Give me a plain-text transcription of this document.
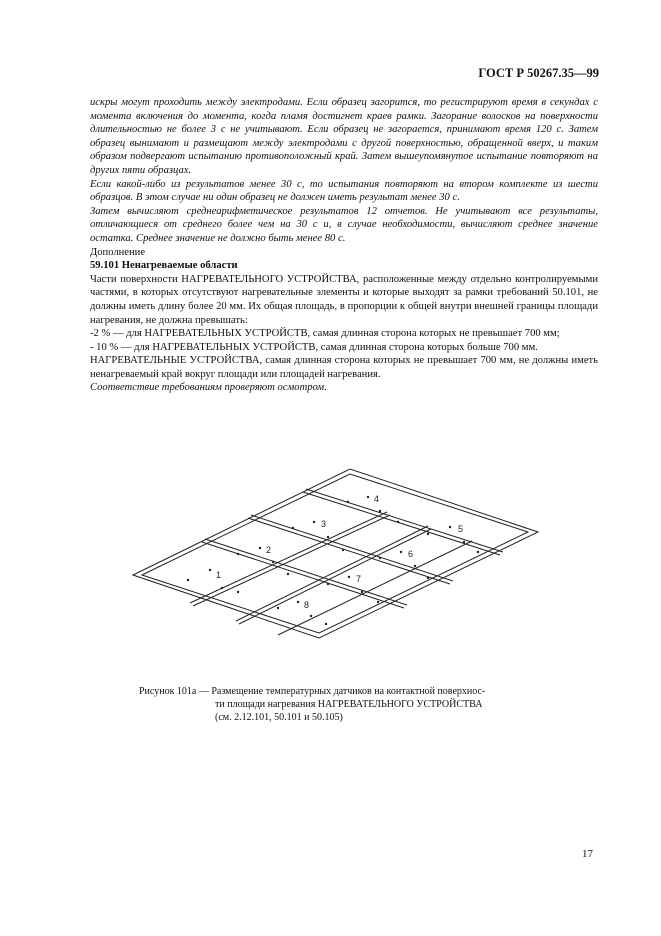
ГОСТ Р 50267.35—99

искры могут проходить между электродами. Если образец загорится, то регистрируют время в секундах с момента включения до момента, когда пламя достигнет краев рамки. Загорание волосков на поверхности длительностью не более 3 с не учитывают. Если образец не загорается, принимают время 120 с. Затем образец вынимают и размещают между электродами с другой поверхностью, обращенной вверх, и таким образом подвергают испытанию противоположный край. Затем вышеупомянутое испытание повторяют на других пяти образцах.

Если какой-либо из результатов менее 30 с, то испытания повторяют на втором комплекте из шести образцов. В этом случае ни один образец не должен иметь результат менее 30 с.

Затем вычисляют среднеарифметическое результатов 12 отчетов. Не учитывают все результаты, отличающиеся от среднего более чем на 30 с и, в случае необходимости, вычисляют среднее значение остатка. Среднее значение не должно быть менее 80 с.

Дополнение

59.101 Ненагреваемые области

Части поверхности НАГРЕВАТЕЛЬНОГО УСТРОЙСТВА, расположенные между отдельно контролируемыми частями, в которых отсутствуют нагревательные элементы и которые выходят за рамки требований 50.101, не должны иметь длину более 20 мм. Их общая площадь, в пропорции к общей внутри внешней границы площади нагревания, не должна превышать:

-2 % — для НАГРЕВАТЕЛЬНЫХ УСТРОЙСТВ, самая длинная сторона которых не превышает 700 мм;

- 10 % — для НАГРЕВАТЕЛЬНЫХ УСТРОЙСТВ, самая длинная сторона которых больше 700 мм.

НАГРЕВАТЕЛЬНЫЕ УСТРОЙСТВА, самая длинная сторона которых не превышает 700 мм, не должны иметь ненагреваемый край вокруг площади или площадей нагревания.

Соответствие требованиям проверяют осмотром.

1
2
3
4
5
6
7
8
Рисунок 101а — Размещение температурных датчиков на контактной поверхнос-
ти площади нагревания НАГРЕВАТЕЛЬНОГО УСТРОЙСТВА
(см. 2.12.101, 50.101 и 50.105)
17
